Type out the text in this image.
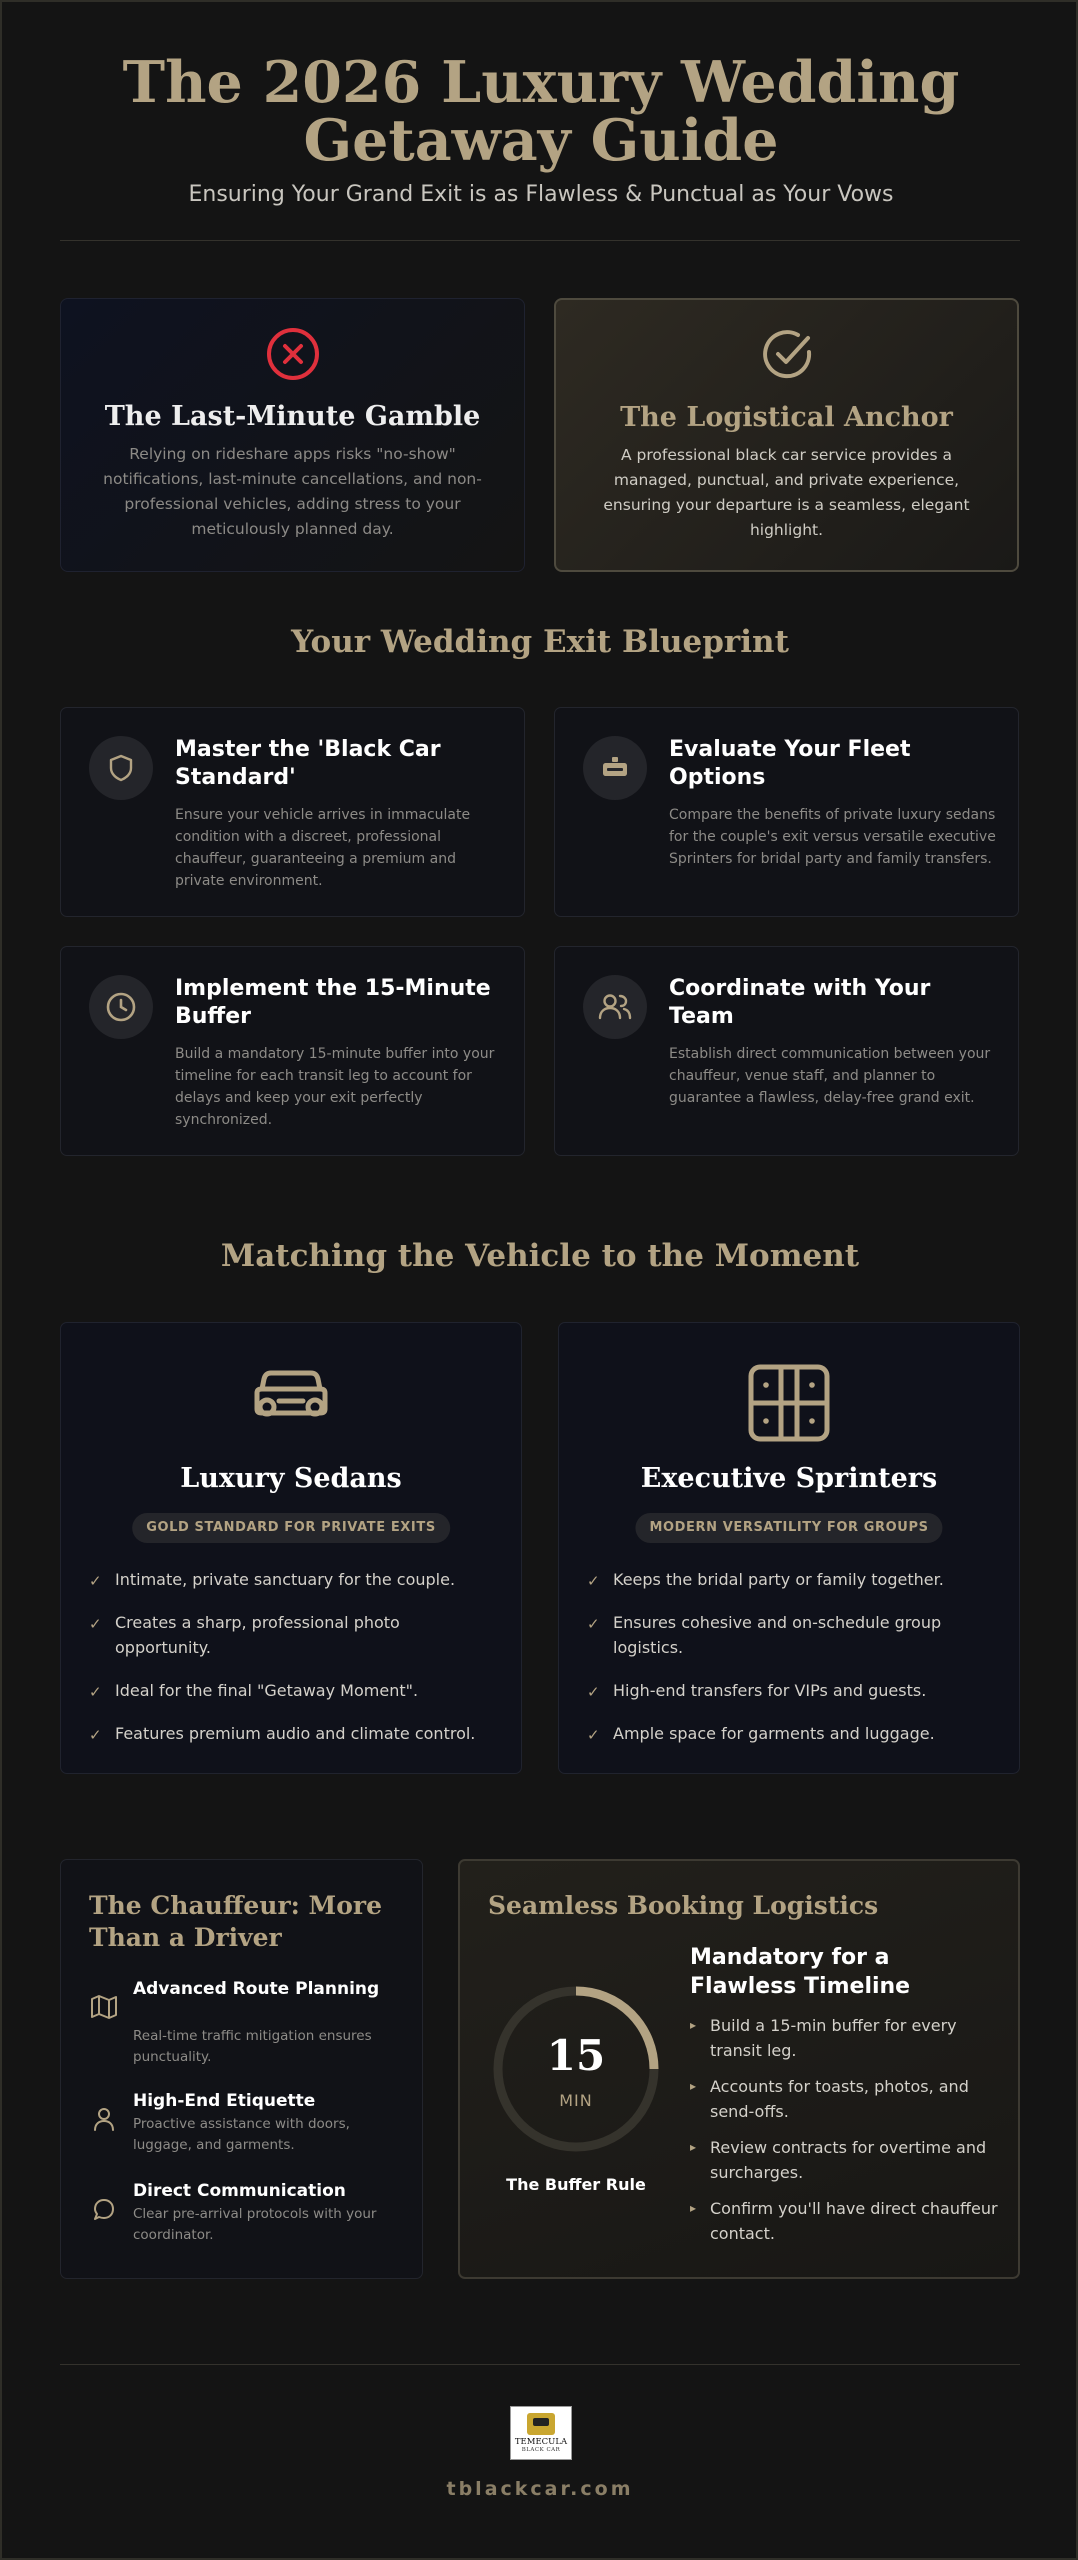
The 2026 Luxury Wedding Getaway Guide

Ensuring Your Grand Exit is as Flawless & Punctual as Your Vows

The Last-Minute Gamble

Relying on rideshare apps risks "no-show" notifications, last-minute cancellations, and non-professional vehicles, adding stress to your meticulously planned day.

The Logistical Anchor

A professional black car service provides a managed, punctual, and private experience, ensuring your departure is a seamless, elegant highlight.

Your Wedding Exit Blueprint
Master the 'Black Car Standard'

Ensure your vehicle arrives in immaculate condition with a discreet, professional chauffeur, guaranteeing a premium and private environment.

Evaluate Your Fleet Options

Compare the benefits of private luxury sedans for the couple's exit versus versatile executive Sprinters for bridal party and family transfers.

Implement the 15-Minute Buffer

Build a mandatory 15-minute buffer into your timeline for each transit leg to account for delays and keep your exit perfectly synchronized.

Coordinate with Your Team

Establish direct communication between your chauffeur, venue staff, and planner to guarantee a flawless, delay-free grand exit.

Matching the Vehicle to the Moment
Luxury Sedans
GOLD STANDARD FOR PRIVATE EXITS
✓ Intimate, private sanctuary for the couple.
✓ Creates a sharp, professional photo opportunity.
✓ Ideal for the final "Getaway Moment".
✓ Features premium audio and climate control.
Executive Sprinters
MODERN VERSATILITY FOR GROUPS
✓ Keeps the bridal party or family together.
✓ Ensures cohesive and on-schedule group logistics.
✓ High-end transfers for VIPs and guests.
✓ Ample space for garments and luggage.
The Chauffeur: More Than a Driver
Advanced Route Planning

Real-time traffic mitigation ensures punctuality.

High-End Etiquette

Proactive assistance with doors, luggage, and garments.

Direct Communication

Clear pre-arrival protocols with your coordinator.

Seamless Booking Logistics
15
MIN
The Buffer Rule
Mandatory for a Flawless Timeline
▸ Build a 15-min buffer for every transit leg.
▸ Accounts for toasts, photos, and send-offs.
▸ Review contracts for overtime and surcharges.
▸ Confirm you'll have direct chauffeur contact.
TEMECULA
BLACK CAR
tblackcar.com
